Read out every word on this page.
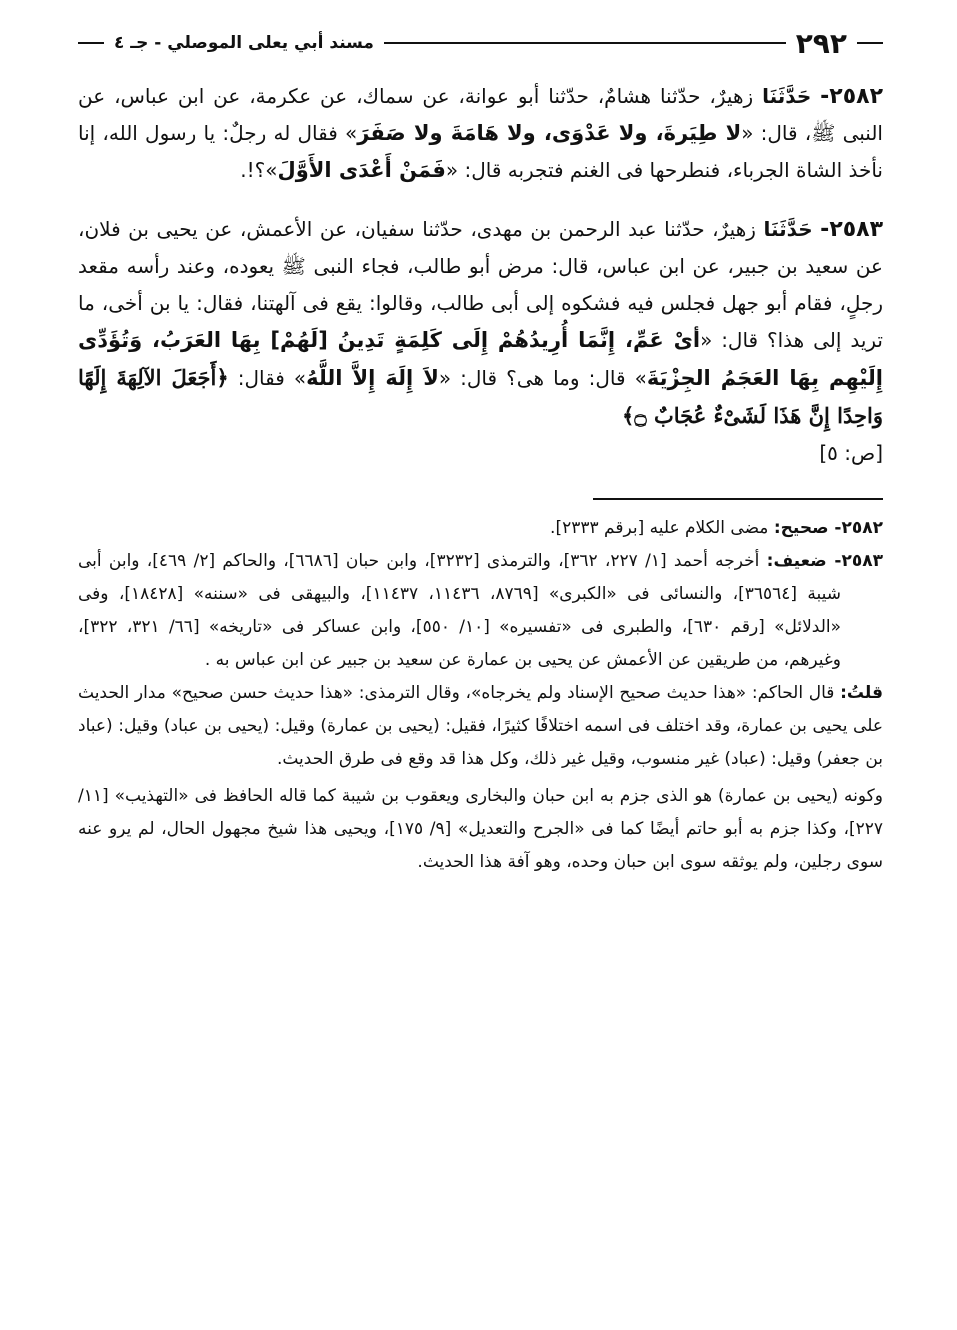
٢٩٢
مسند أبي يعلى الموصلي - جـ ٤

٢٥٨٢- حَدَّثَنَا زهيرٌ، حدّثنا هشامٌ، حدّثنا أبو عوانة، عن سماك، عن عكرمة، عن ابن عباس، عن النبى ﷺ، قال: «لا طِيَرةَ، ولا عَدْوَى، ولا هَامَةَ ولا صَفَرَ» فقال له رجلٌ: يا رسول الله، إنا نأخذ الشاة الجرباء، فنطرحها فى الغنم فتجربه قال: «فَمَنْ أَعْدَى الأَوَّلَ»؟!.

٢٥٨٣- حَدَّثَنَا زهيرٌ، حدّثنا عبد الرحمن بن مهدى، حدّثنا سفيان، عن الأعمش، عن يحيى بن فلان، عن سعيد بن جبير، عن ابن عباس، قال: مرض أبو طالب، فجاء النبى ﷺ يعوده، وعند رأسه مقعد رجلٍ، فقام أبو جهل فجلس فيه فشكوه إلى أبى طالب، وقالوا: يقع فى آلهتنا، فقال: يا بن أخى، ما تريد إلى هذا؟ قال: «أىْ عَمِّ، إِنَّمَا أُرِيدُهُمْ إِلَى كَلِمَةٍ تَدِينُ [لَهُمْ] بِهَا العَرَبُ، وَتُؤَدِّى إِلَيْهِم بِهَا العَجَمُ الجِزْيَةَ» قال: وما هى؟ قال: «لاَ إِلَهَ إِلاَّ اللَّهُ» فقال: ﴿أَجَعَلَ الآلِهَةَ إِلَهًا وَاحِدًا إِنَّ هَذَا لَشَىْءٌ عُجَابٌ ۝﴾

[ص: ٥]

٢٥٨٢- صحيح: مضى الكلام عليه [برقم ٢٣٣٣].

٢٥٨٣- ضعيف: أخرجه أحمد [١/ ٢٢٧، ٣٦٢]، والترمذى [٣٢٣٢]، وابن حبان [٦٦٨٦]، والحاكم [٢/ ٤٦٩]، وابن أبى شيبة [٣٦٥٦٤]، والنسائى فى «الكبرى» [٨٧٦٩، ١١٤٣٦، ١١٤٣٧]، والبيهقى فى «سننه» [١٨٤٢٨]، وفى «الدلائل» [رقم ٦٣٠]، والطبرى فى «تفسيره» [١٠/ ٥٥٠]، وابن عساكر فى «تاريخه» [٦٦/ ٣٢١، ٣٢٢]، وغيرهم، من طريقين عن الأعمش عن يحيى بن عمارة عن سعيد بن جبير عن ابن عباس به .

قلتُ: قال الحاكم: «هذا حديث صحيح الإسناد ولم يخرجاه»، وقال الترمذى: «هذا حديث حسن صحيح» مدار الحديث على يحيى بن عمارة، وقد اختلف فى اسمه اختلافًا كثيرًا، فقيل: (يحيى بن عمارة) وقيل: (يحيى بن عباد) وقيل: (عباد بن جعفر) وقيل: (عباد) غير منسوب، وقيل غير ذلك، وكل هذا قد وقع فى طرق الحديث.

وكونه (يحيى بن عمارة) هو الذى جزم به ابن حبان والبخارى ويعقوب بن شيبة كما قاله الحافظ فى «التهذيب» [١١/ ٢٢٧]، وكذا جزم به أبو حاتم أيضًا كما فى «الجرح والتعديل» [٩/ ١٧٥]، ويحيى هذا شيخ مجهول الحال، لم يرو عنه سوى رجلين، ولم يوثقه سوى ابن حبان وحده، وهو آفة هذا الحديث.
